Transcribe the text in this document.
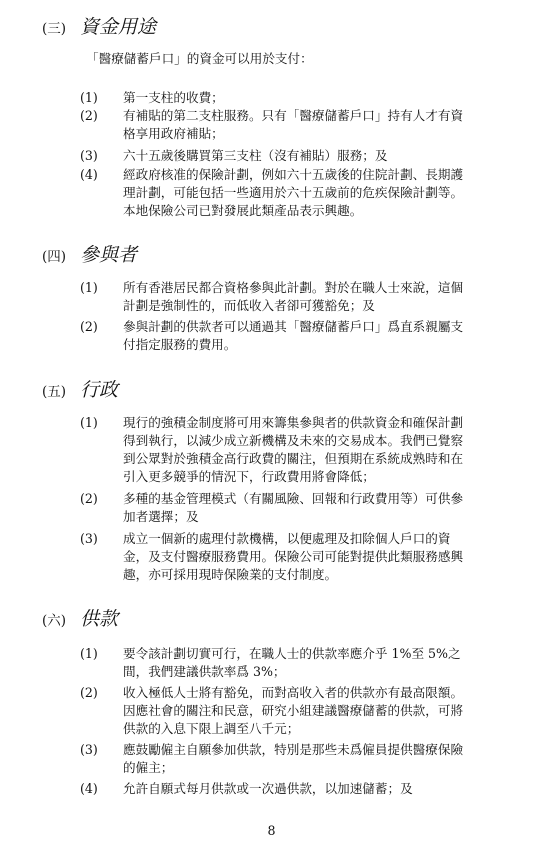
(三) 資金用途
「醫療儲蓄戶口」的資金可以用於支付：
(1)	第一支柱的收費；
(2)	有補貼的第二支柱服務。只有「醫療儲蓄戶口」持有人才有資
格享用政府補貼；
(3)	六十五歲後購買第三支柱（沒有補貼）服務；及
(4)	經政府核准的保險計劃，例如六十五歲後的住院計劃、長期護
理計劃，可能包括一些適用於六十五歲前的危疾保險計劃等。
本地保險公司已對發展此類產品表示興趣。
(四) 參與者
(1)	所有香港居民都合資格參與此計劃。對於在職人士來說，這個
計劃是強制性的，而低收入者卻可獲豁免；及
(2)	參與計劃的供款者可以通過其「醫療儲蓄戶口」爲直系親屬支
付指定服務的費用。
(五) 行政
(1)	現行的強積金制度將可用來籌集參與者的供款資金和確保計劃
得到執行，以減少成立新機構及未來的交易成本。我們已覺察
到公眾對於強積金高行政費的關注，但預期在系統成熟時和在
引入更多競爭的情況下，行政費用將會降低；
(2)	多種的基金管理模式（有關風險、回報和行政費用等）可供參
加者選擇；及
(3)	成立一個新的處理付款機構，以便處理及扣除個人戶口的資
金，及支付醫療服務費用。保險公司可能對提供此類服務感興
趣，亦可採用現時保險業的支付制度。
(六) 供款
(1)	要令該計劃切實可行，在職人士的供款率應介乎 1%至 5%之
間，我們建議供款率爲 3%；
(2)	收入極低人士將有豁免，而對高收入者的供款亦有最高限額。
因應社會的關注和民意，研究小組建議醫療儲蓄的供款，可將
供款的入息下限上調至八千元；
(3)	應鼓勵僱主自願參加供款，特別是那些未爲僱員提供醫療保險
的僱主；
(4)	允許自願式每月供款或一次過供款，以加速儲蓄；及
8
